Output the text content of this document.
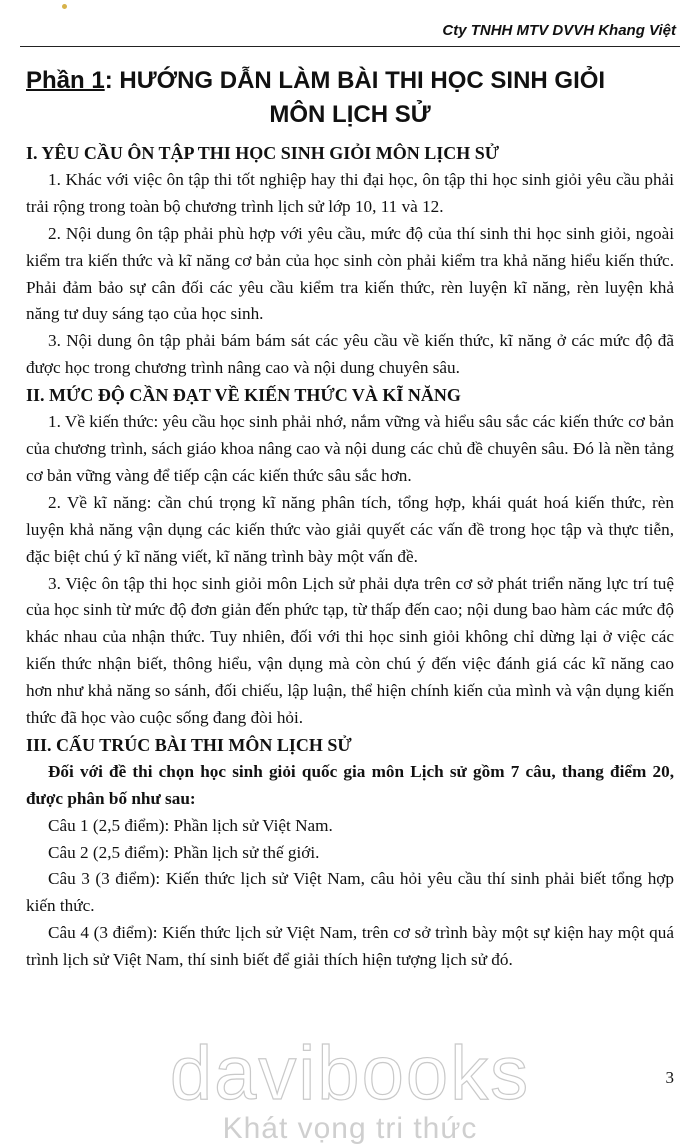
Cty TNHH MTV DVVH Khang Việt
Phần 1: HƯỚNG DẪN LÀM BÀI THI HỌC SINH GIỎI
MÔN LỊCH SỬ
I. YÊU CẦU ÔN TẬP THI HỌC SINH GIỎI MÔN LỊCH SỬ

1. Khác với việc ôn tập thi tốt nghiệp hay thi đại học, ôn tập thi học sinh giỏi yêu cầu phải trải rộng trong toàn bộ chương trình lịch sử lớp 10, 11 và 12.

2. Nội dung ôn tập phải phù hợp với yêu cầu, mức độ của thí sinh thi học sinh giỏi, ngoài kiểm tra kiến thức và kĩ năng cơ bản của học sinh còn phải kiểm tra khả năng hiểu kiến thức. Phải đảm bảo sự cân đối các yêu cầu kiểm tra kiến thức, rèn luyện kĩ năng, rèn luyện khả năng tư duy sáng tạo của học sinh.

3. Nội dung ôn tập phải bám bám sát các yêu cầu về kiến thức, kĩ năng ở các mức độ đã được học trong chương trình nâng cao và nội dung chuyên sâu.

II. MỨC ĐỘ CẦN ĐẠT VỀ KIẾN THỨC VÀ KĨ NĂNG

1. Về kiến thức: yêu cầu học sinh phải nhớ, nắm vững và hiểu sâu sắc các kiến thức cơ bản của chương trình, sách giáo khoa nâng cao và nội dung các chủ đề chuyên sâu. Đó là nền tảng cơ bản vững vàng để tiếp cận các kiến thức sâu sắc hơn.

2. Về kĩ năng: cần chú trọng kĩ năng phân tích, tổng hợp, khái quát hoá kiến thức, rèn luyện khả năng vận dụng các kiến thức vào giải quyết các vấn đề trong học tập và thực tiễn, đặc biệt chú ý kĩ năng viết, kĩ năng trình bày một vấn đề.

3. Việc ôn tập thi học sinh giỏi môn Lịch sử phải dựa trên cơ sở phát triển năng lực trí tuệ của học sinh từ mức độ đơn giản đến phức tạp, từ thấp đến cao; nội dung bao hàm các mức độ khác nhau của nhận thức. Tuy nhiên, đối với thi học sinh giỏi không chỉ dừng lại ở việc các kiến thức nhận biết, thông hiểu, vận dụng mà còn chú ý đến việc đánh giá các kĩ năng cao hơn như khả năng so sánh, đối chiếu, lập luận, thể hiện chính kiến của mình và vận dụng kiến thức đã học vào cuộc sống đang đòi hỏi.

III. CẤU TRÚC BÀI THI MÔN LỊCH SỬ

Đối với đề thi chọn học sinh giỏi quốc gia môn Lịch sử gồm 7 câu, thang điểm 20, được phân bố như sau:

Câu 1 (2,5 điểm): Phần lịch sử Việt Nam.

Câu 2 (2,5 điểm): Phần lịch sử thế giới.

Câu 3 (3 điểm): Kiến thức lịch sử Việt Nam, câu hỏi yêu cầu thí sinh phải biết tổng hợp kiến thức.

Câu 4 (3 điểm): Kiến thức lịch sử Việt Nam, trên cơ sở trình bày một sự kiện hay một quá trình lịch sử Việt Nam, thí sinh biết để giải thích hiện tượng lịch sử đó.

davibooks
Khát vọng tri thức
3
